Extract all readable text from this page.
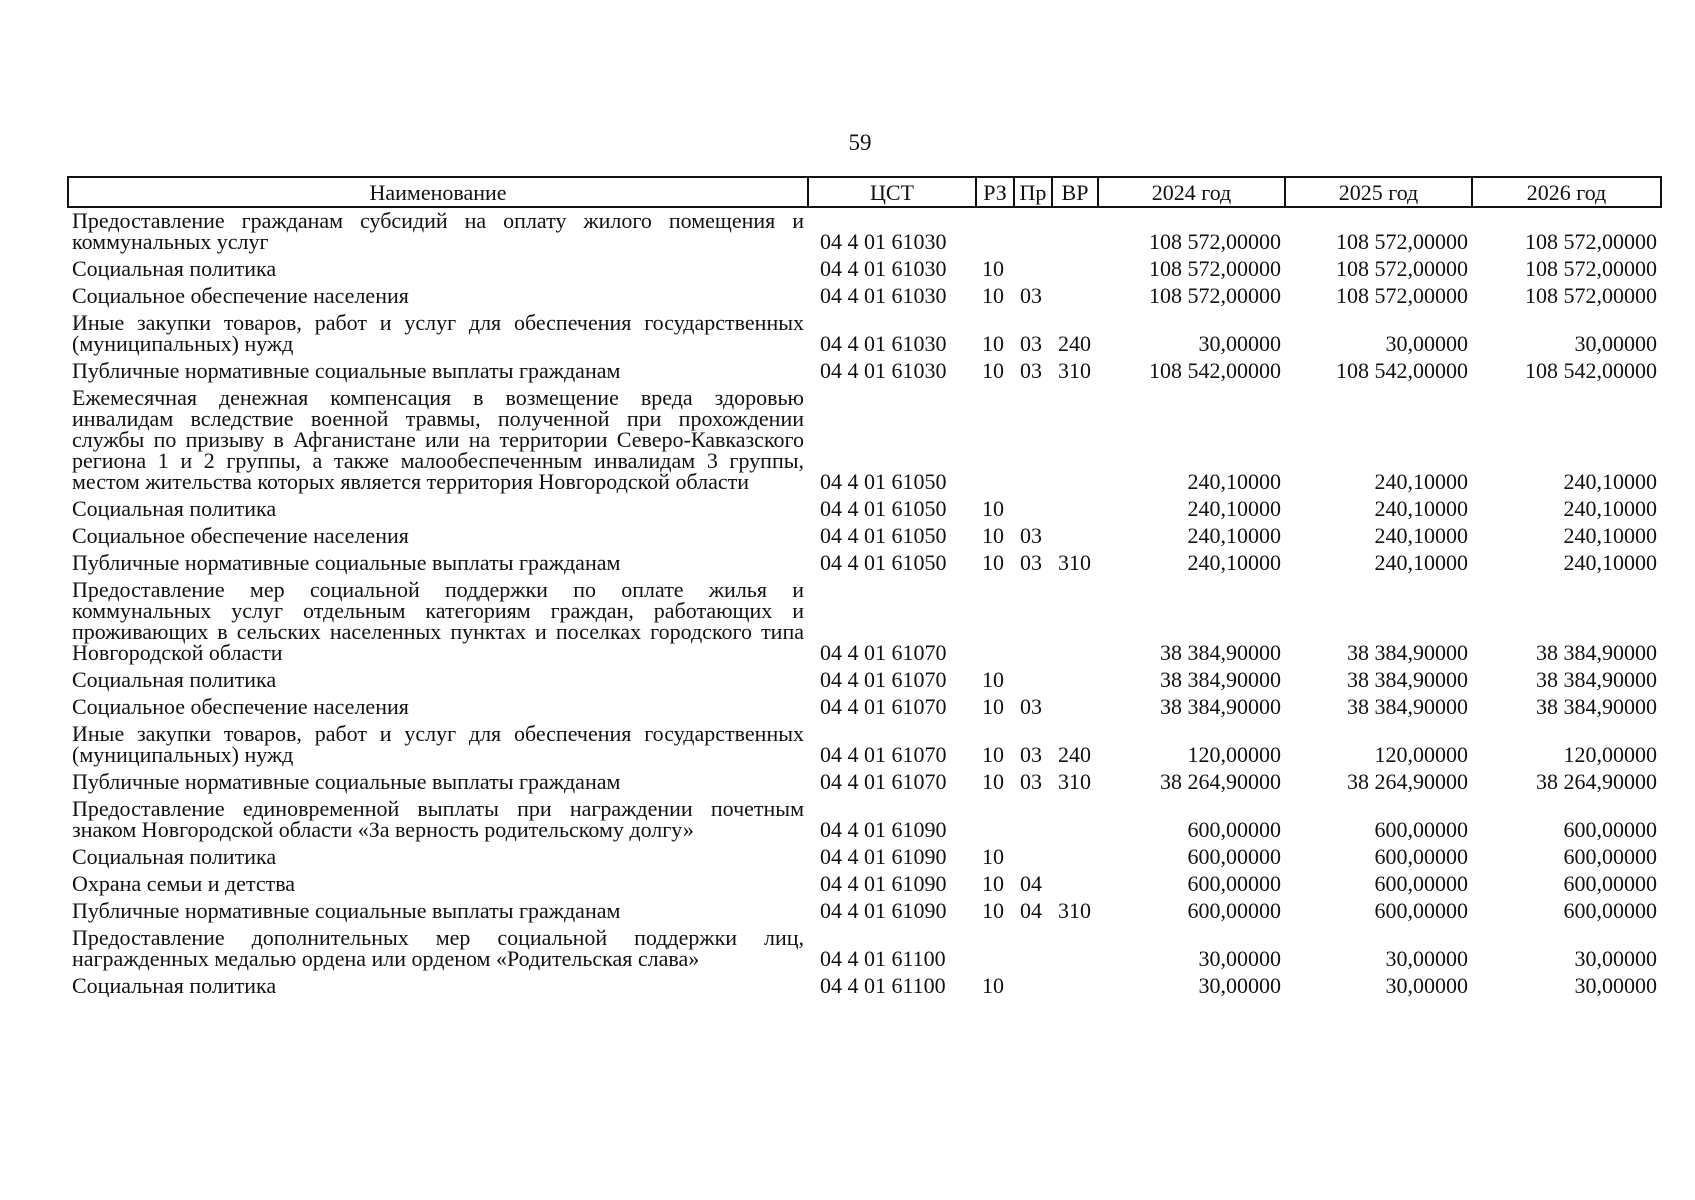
59
Наименование	ЦСТ	РЗ	Пр	ВР	2024 год	2025 год	2026 год
Предоставление гражданам субсидий на оплату жилого помещения и коммунальных услуг	04 4 01 61030				108 572,00000	108 572,00000	108 572,00000
Социальная политика	04 4 01 61030	10			108 572,00000	108 572,00000	108 572,00000
Социальное обеспечение населения	04 4 01 61030	10	03		108 572,00000	108 572,00000	108 572,00000
Иные закупки товаров, работ и услуг для обеспечения государственных (муниципальных) нужд	04 4 01 61030	10	03	240	30,00000	30,00000	30,00000
Публичные нормативные социальные выплаты гражданам	04 4 01 61030	10	03	310	108 542,00000	108 542,00000	108 542,00000
Ежемесячная денежная компенсация в возмещение вреда здоровью инвалидам вследствие военной травмы, полученной при прохождении службы по призыву в Афганистане или на территории Северо-Кавказского региона 1 и 2 группы, а также малообеспеченным инвалидам 3 группы, местом жительства которых является территория Новгородской области	04 4 01 61050				240,10000	240,10000	240,10000
Социальная политика	04 4 01 61050	10			240,10000	240,10000	240,10000
Социальное обеспечение населения	04 4 01 61050	10	03		240,10000	240,10000	240,10000
Публичные нормативные социальные выплаты гражданам	04 4 01 61050	10	03	310	240,10000	240,10000	240,10000
Предоставление мер социальной поддержки по оплате жилья и коммунальных услуг отдельным категориям граждан, работающих и проживающих в сельских населенных пунктах и поселках городского типа Новгородской области	04 4 01 61070				38 384,90000	38 384,90000	38 384,90000
Социальная политика	04 4 01 61070	10			38 384,90000	38 384,90000	38 384,90000
Социальное обеспечение населения	04 4 01 61070	10	03		38 384,90000	38 384,90000	38 384,90000
Иные закупки товаров, работ и услуг для обеспечения государственных (муниципальных) нужд	04 4 01 61070	10	03	240	120,00000	120,00000	120,00000
Публичные нормативные социальные выплаты гражданам	04 4 01 61070	10	03	310	38 264,90000	38 264,90000	38 264,90000
Предоставление единовременной выплаты при награждении почетным знаком Новгородской области «За верность родительскому долгу»	04 4 01 61090				600,00000	600,00000	600,00000
Социальная политика	04 4 01 61090	10			600,00000	600,00000	600,00000
Охрана семьи и детства	04 4 01 61090	10	04		600,00000	600,00000	600,00000
Публичные нормативные социальные выплаты гражданам	04 4 01 61090	10	04	310	600,00000	600,00000	600,00000
Предоставление дополнительных мер социальной поддержки лиц, награжденных медалью ордена или орденом «Родительская слава»	04 4 01 61100				30,00000	30,00000	30,00000
Социальная политика	04 4 01 61100	10			30,00000	30,00000	30,00000
